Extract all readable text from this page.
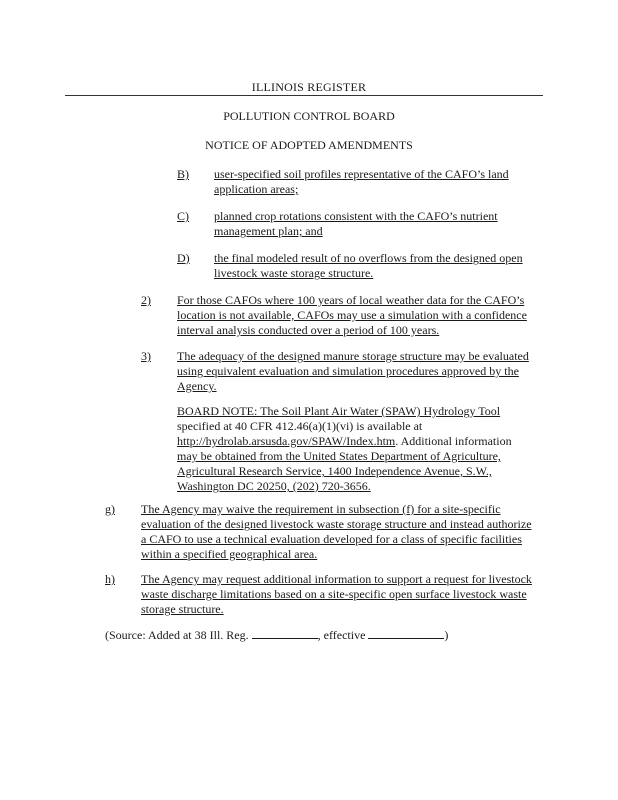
ILLINOIS REGISTER
POLLUTION CONTROL BOARD
NOTICE OF ADOPTED AMENDMENTS
B) user-specified soil profiles representative of the CAFO’s land application areas;
C) planned crop rotations consistent with the CAFO’s nutrient management plan; and
D) the final modeled result of no overflows from the designed open livestock waste storage structure.
2) For those CAFOs where 100 years of local weather data for the CAFO’s location is not available, CAFOs may use a simulation with a confidence interval analysis conducted over a period of 100 years.
3) The adequacy of the designed manure storage structure may be evaluated using equivalent evaluation and simulation procedures approved by the Agency.
BOARD NOTE: The Soil Plant Air Water (SPAW) Hydrology Tool
specified at 40 CFR 412.46(a)(1)(vi) is available at
http://hydrolab.arsusda.gov/SPAW/Index.htm. Additional information
may be obtained from the United States Department of Agriculture,
Agricultural Research Service, 1400 Independence Avenue, S.W.,
Washington DC 20250, (202) 720-3656.
g) The Agency may waive the requirement in subsection (f) for a site-specific evaluation of the designed livestock waste storage structure and instead authorize a CAFO to use a technical evaluation developed for a class of specific facilities within a specified geographical area.
h) The Agency may request additional information to support a request for livestock waste discharge limitations based on a site-specific open surface livestock waste storage structure.
(Source: Added at 38 Ill. Reg.	, effective	)
